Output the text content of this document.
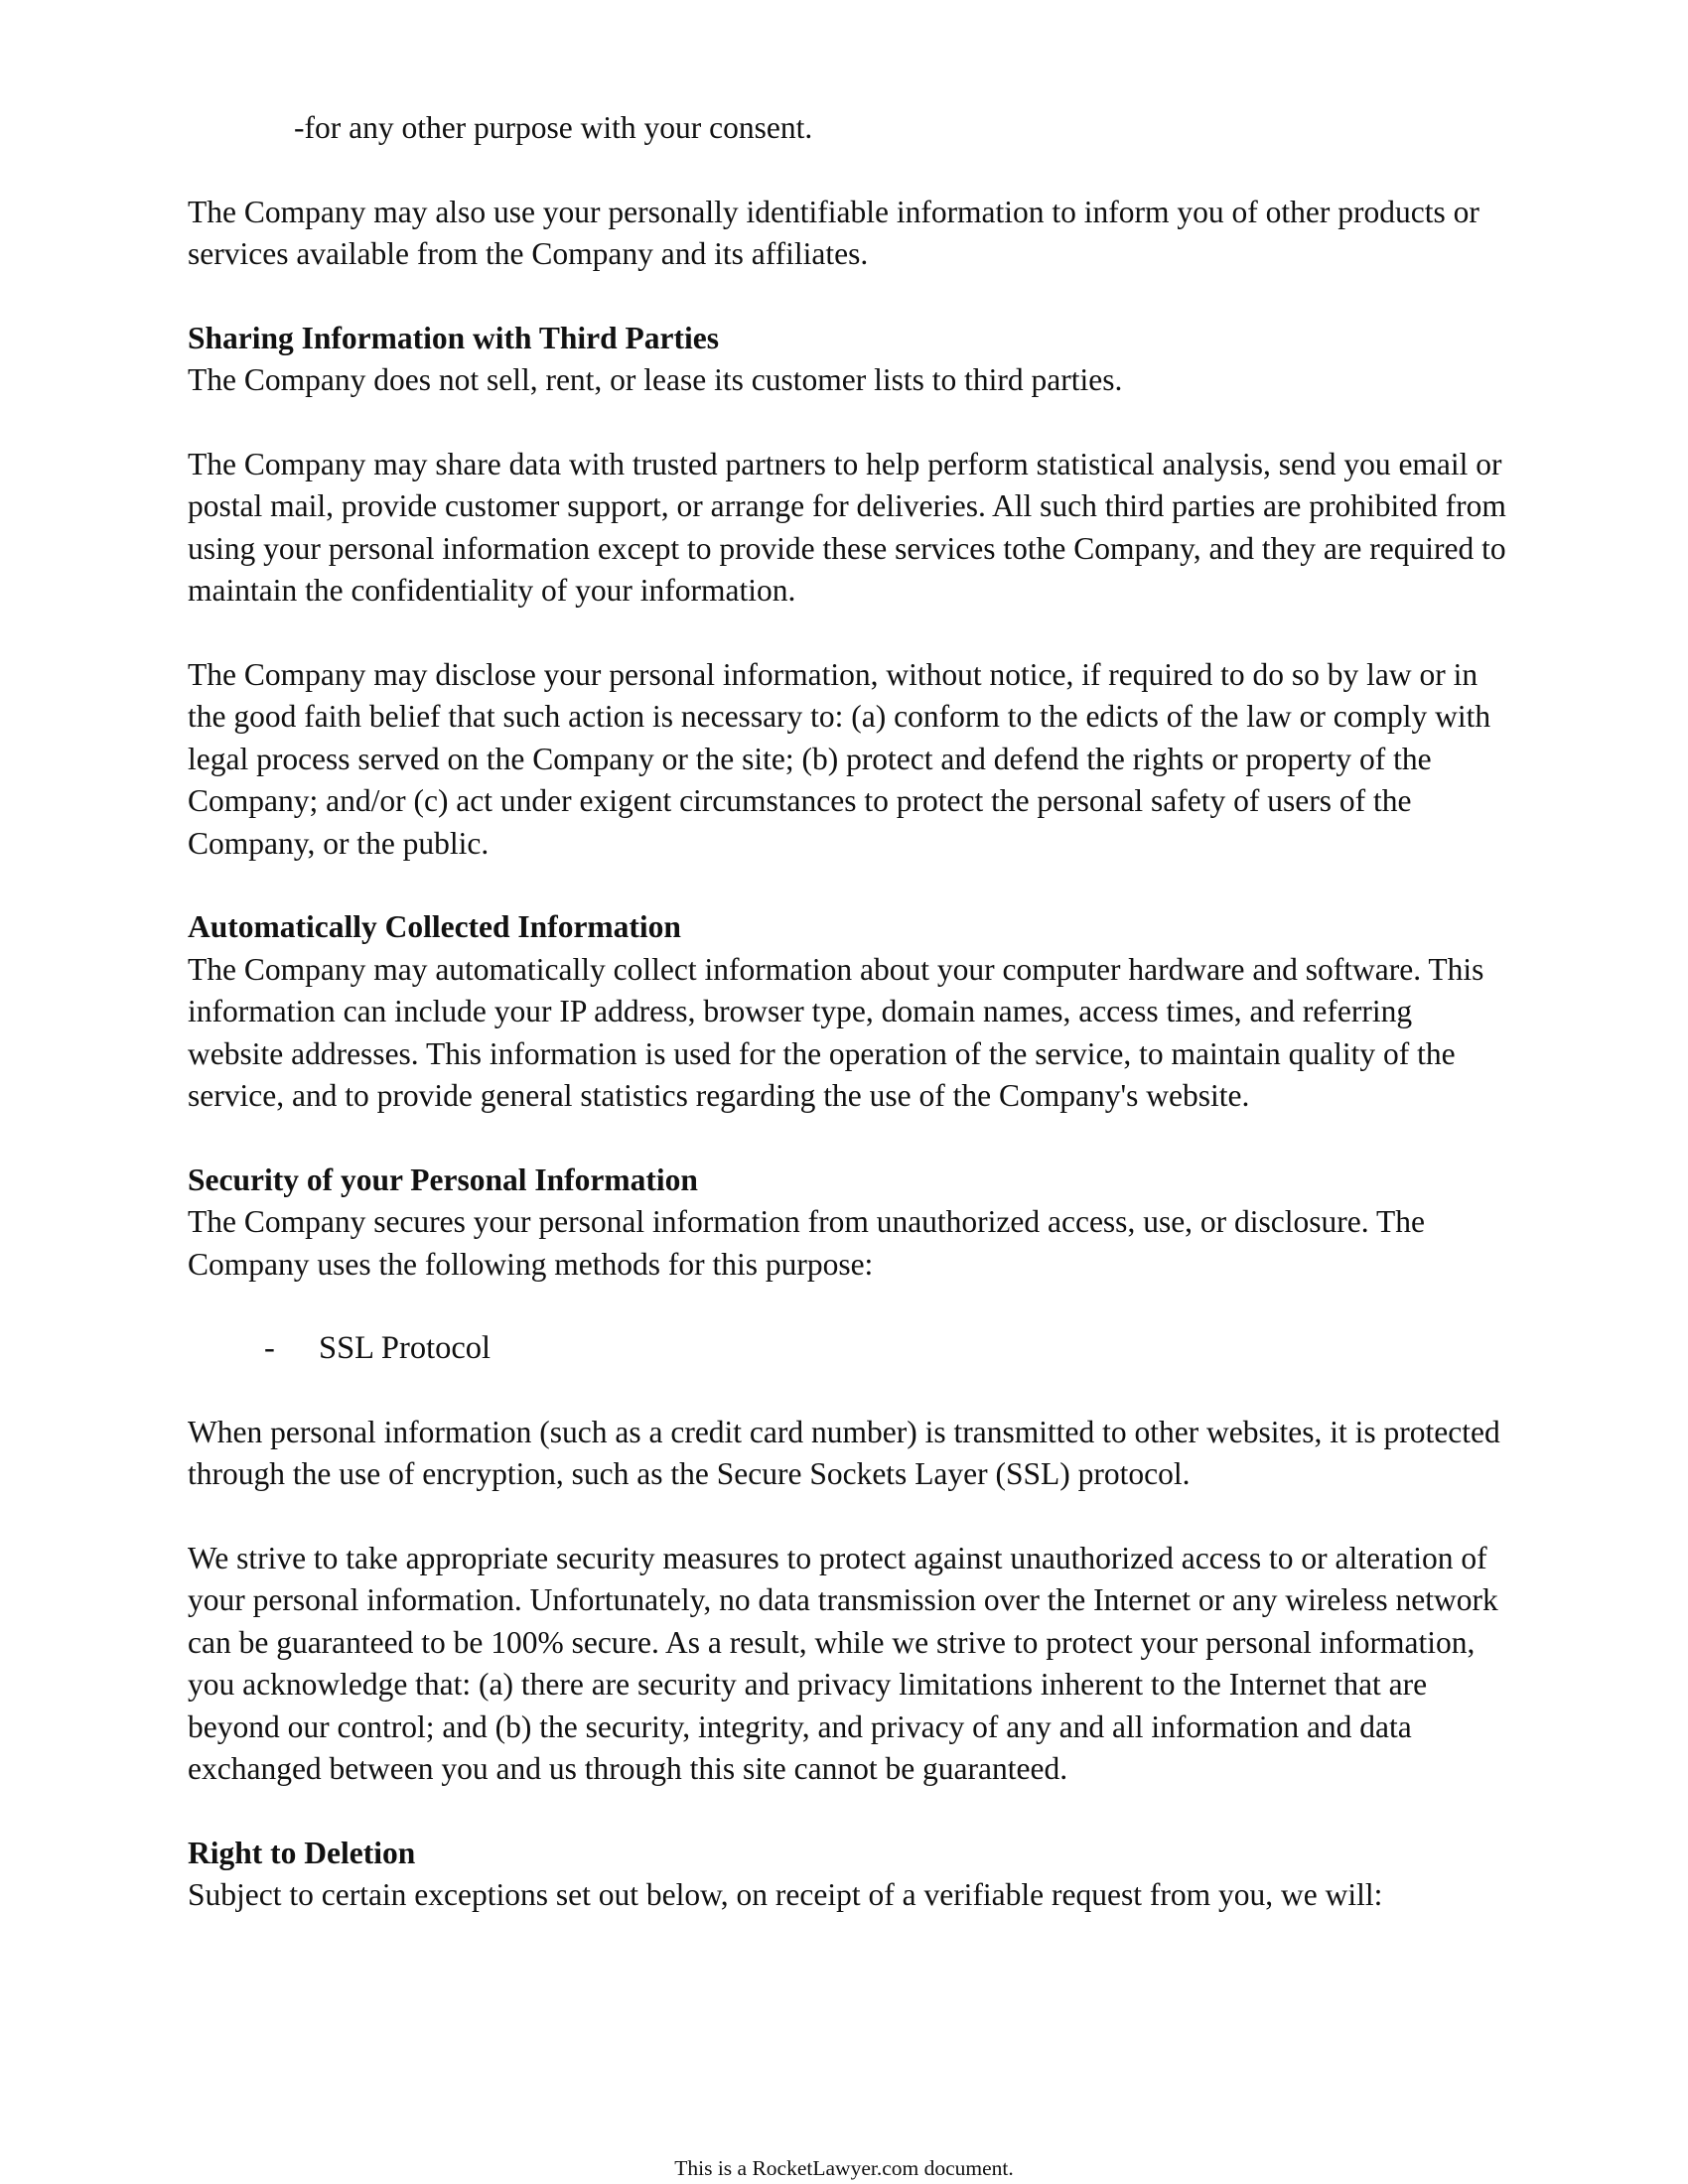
-for any other purpose with your consent.

The Company may also use your personally identifiable information to inform you of other products or services available from the Company and its affiliates.

Sharing Information with Third Parties

The Company does not sell, rent, or lease its customer lists to third parties.

The Company may share data with trusted partners to help perform statistical analysis, send you email or postal mail, provide customer support, or arrange for deliveries. All such third parties are prohibited from using your personal information except to provide these services tothe Company, and they are required to maintain the confidentiality of your information.

The Company may disclose your personal information, without notice, if required to do so by law or in the good faith belief that such action is necessary to: (a) conform to the edicts of the law or comply with legal process served on the Company or the site; (b) protect and defend the rights or property of the Company; and/or (c) act under exigent circumstances to protect the personal safety of users of the Company, or the public.

Automatically Collected Information

The Company may automatically collect information about your computer hardware and software. This information can include your IP address, browser type, domain names, access times, and referring website addresses. This information is used for the operation of the service, to maintain quality of the service, and to provide general statistics regarding the use of the Company's website.

Security of your Personal Information

The Company secures your personal information from unauthorized access, use, or disclosure. The Company uses the following methods for this purpose:

-	SSL Protocol

When personal information (such as a credit card number) is transmitted to other websites, it is protected through the use of encryption, such as the Secure Sockets Layer (SSL) protocol.

We strive to take appropriate security measures to protect against unauthorized access to or alteration of your personal information. Unfortunately, no data transmission over the Internet or any wireless network can be guaranteed to be 100% secure. As a result, while we strive to protect your personal information, you acknowledge that: (a) there are security and privacy limitations inherent to the Internet that are beyond our control; and (b) the security, integrity, and privacy of any and all information and data exchanged between you and us through this site cannot be guaranteed.

Right to Deletion

Subject to certain exceptions set out below, on receipt of a verifiable request from you, we will:

This is a RocketLawyer.com document.
